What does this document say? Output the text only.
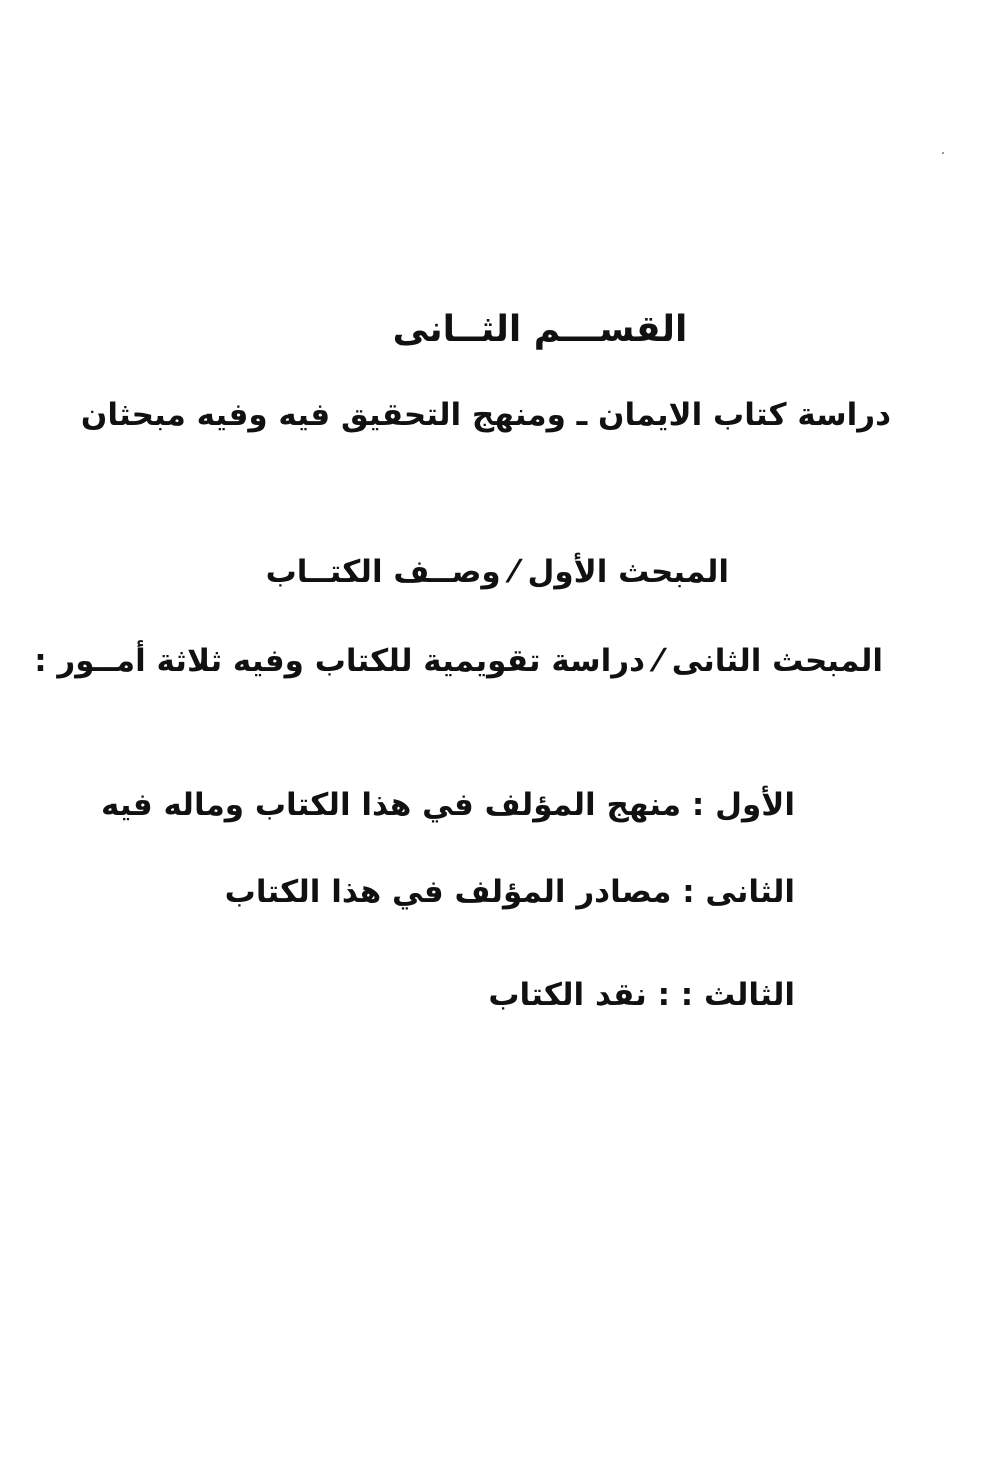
القســـم الثــانى
دراسة كتاب الايمان ـ ومنهج التحقيق فيه وفيه مبحثان
المبحث الأول ⁄ وصــف الكتــاب
المبحث الثانى ⁄ دراسة تقويمية للكتاب وفيه ثلاثة أمــور :
الأول : منهج المؤلف في هذا الكتاب وماله فيه
الثانى : مصادر المؤلف في هذا الكتاب
الثالث : : نقد الكتاب
